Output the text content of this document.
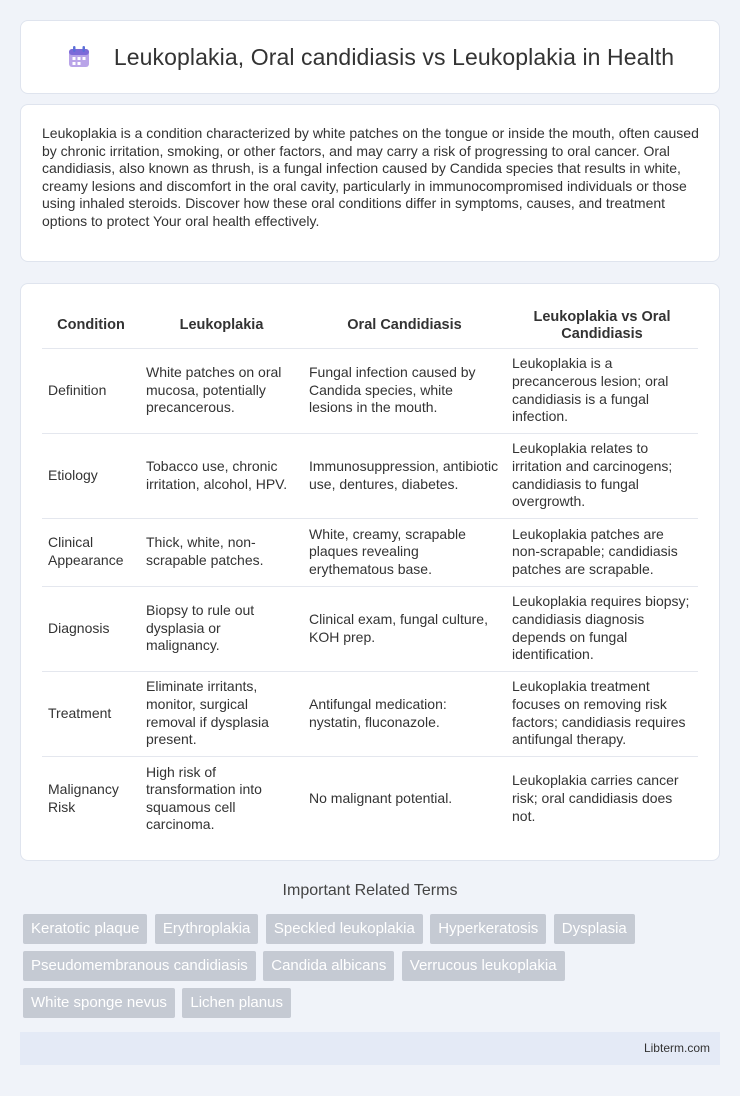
Leukoplakia, Oral candidiasis vs Leukoplakia in Health

Leukoplakia is a condition characterized by white patches on the tongue or inside the mouth, often caused by chronic irritation, smoking, or other factors, and may carry a risk of progressing to oral cancer. Oral candidiasis, also known as thrush, is a fungal infection caused by Candida species that results in white, creamy lesions and discomfort in the oral cavity, particularly in immunocompromised individuals or those using inhaled steroids. Discover how these oral conditions differ in symptoms, causes, and treatment options to protect Your oral health effectively.

Condition	Leukoplakia	Oral Candidiasis	Leukoplakia vs Oral Candidiasis
Definition	White patches on oral mucosa, potentially precancerous.	Fungal infection caused by Candida species, white lesions in the mouth.	Leukoplakia is a precancerous lesion; oral candidiasis is a fungal infection.
Etiology	Tobacco use, chronic irritation, alcohol, HPV.	Immunosuppression, antibiotic use, dentures, diabetes.	Leukoplakia relates to irritation and carcinogens; candidiasis to fungal overgrowth.
Clinical Appearance	Thick, white, non-scrapable patches.	White, creamy, scrapable plaques revealing erythematous base.	Leukoplakia patches are non-scrapable; candidiasis patches are scrapable.
Diagnosis	Biopsy to rule out dysplasia or malignancy.	Clinical exam, fungal culture, KOH prep.	Leukoplakia requires biopsy; candidiasis diagnosis depends on fungal identification.
Treatment	Eliminate irritants, monitor, surgical removal if dysplasia present.	Antifungal medication: nystatin, fluconazole.	Leukoplakia treatment focuses on removing risk factors; candidiasis requires antifungal therapy.
Malignancy Risk	High risk of transformation into squamous cell carcinoma.	No malignant potential.	Leukoplakia carries cancer risk; oral candidiasis does not.
Important Related Terms
Keratotic plaque Erythroplakia Speckled leukoplakia Hyperkeratosis Dysplasia Pseudomembranous candidiasis Candida albicans Verrucous leukoplakia White sponge nevus Lichen planus
Libterm.com
